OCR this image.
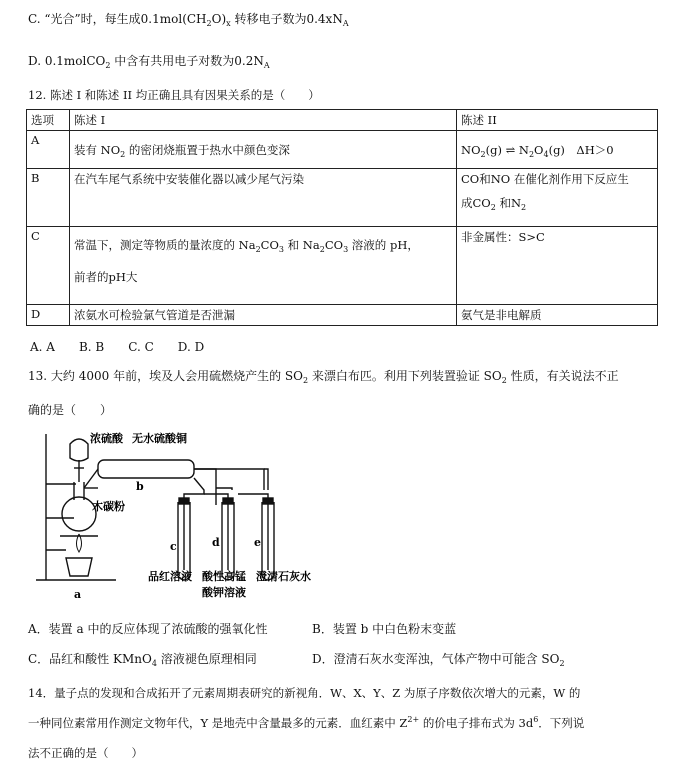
C. “光合”时，每生成$0.1mol(CH_2O)_x$ 转移电子数为$0.4xN_A$
D. 0.1molCO$_2$ 中含有共用电子对数为$0.2N_A$
12. 陈述 I 和陈述 II 均正确且具有因果关系的是（　　）
选项	陈述 I	陈述 II
A	装有 $NO_2$ 的密闭烧瓶置于热水中颜色变深	$NO_2(g)$ ⇌ $N_2O_4(g)$　ΔH＞0
B	在汽车尾气系统中安装催化器以减少尾气污染	CO和NO 在催化剂作用下反应生
成$CO_2$ 和$N_2$

C	常温下，测定等物质的量浓度的 $Na_2CO_3$ 和 $Na_2CO_3$ 溶液的 pH，
前者的pH大	非金属性：S>C
D	浓氨水可检验氯气管道是否泄漏	氨气是非电解质
A. A　　B. B　　C. C　　D. D
13. 大约 4000 年前，埃及人会用硫燃烧产生的 $SO_2$ 来漂白布匹。利用下列装置验证 $SO_2$ 性质，有关说法不正
确的是（　　）
浓硫酸 无水硫酸铜
b
木碳粉
a
c	d	e
品红溶液 酸性高锰
酸钾溶液
澄清石灰水
A．装置 a 中的反应体现了浓硫酸的强氧化性	B．装置 b 中白色粉末变蓝
C．品红和酸性 KMnO$_4$ 溶液褪色原理相同	D．澄清石灰水变浑浊，气体产物中可能含 $SO_2$
14．量子点的发现和合成拓开了元素周期表研究的新视角．W、X、Y、Z 为原子序数依次增大的元素，W 的
一种同位素常用作测定文物年代，Y 是地壳中含量最多的元素．血红素中 $Z^{2+}$ 的价电子排布式为 $3d^6$．下列说
法不正确的是（　　）
